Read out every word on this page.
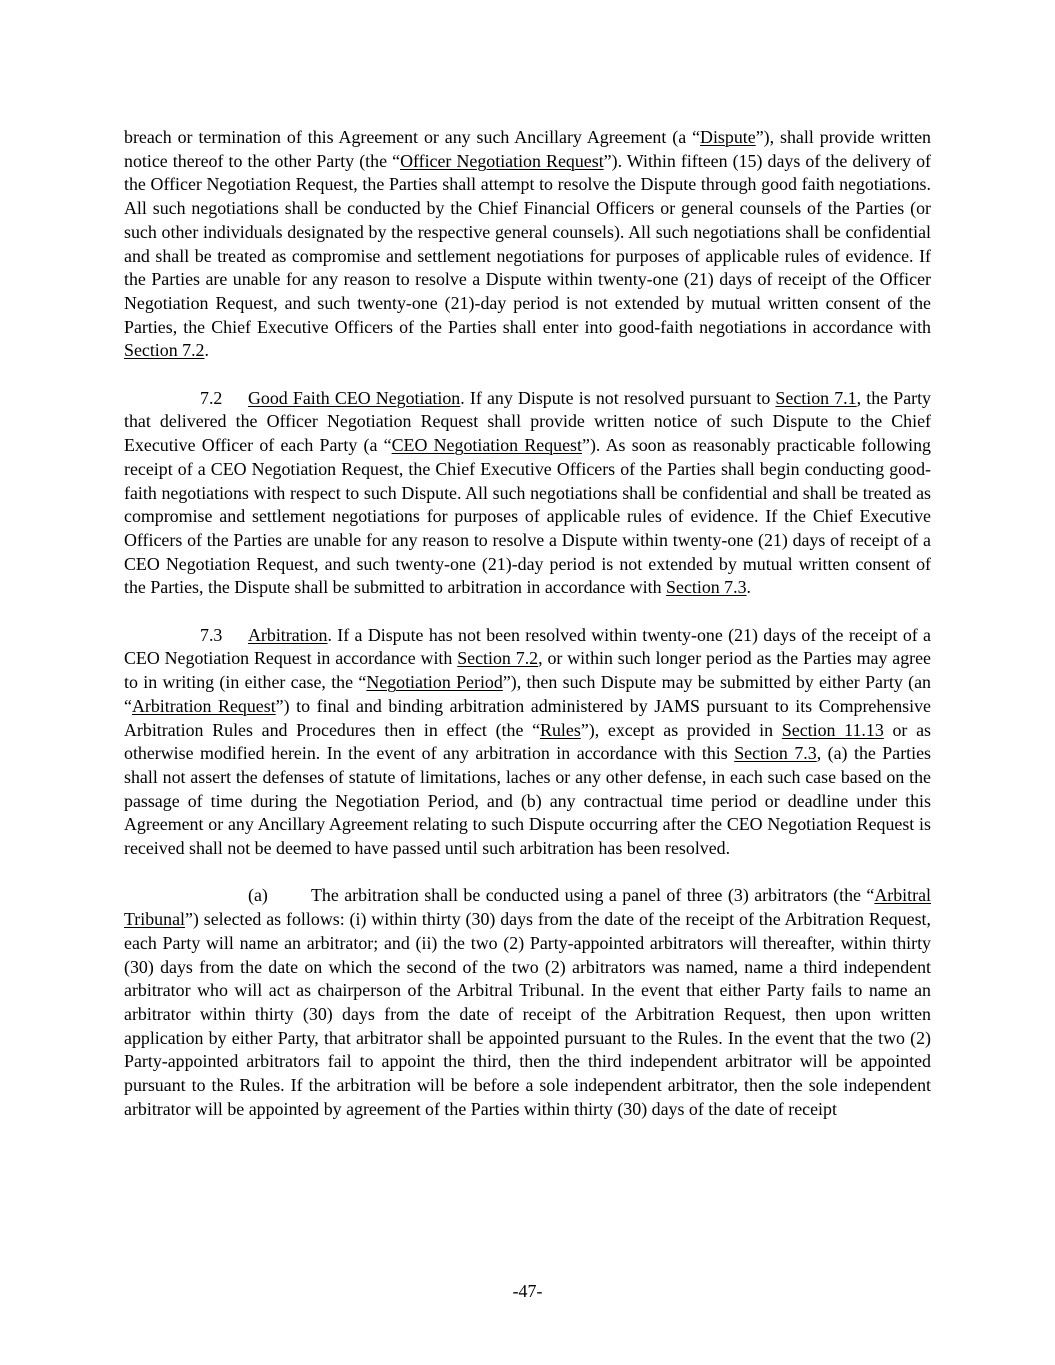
breach or termination of this Agreement or any such Ancillary Agreement (a “Dispute”), shall provide written notice thereof to the other Party (the “Officer Negotiation Request”). Within fifteen (15) days of the delivery of the Officer Negotiation Request, the Parties shall attempt to resolve the Dispute through good faith negotiations. All such negotiations shall be conducted by the Chief Financial Officers or general counsels of the Parties (or such other individuals designated by the respective general counsels). All such negotiations shall be confidential and shall be treated as compromise and settlement negotiations for purposes of applicable rules of evidence. If the Parties are unable for any reason to resolve a Dispute within twenty-one (21) days of receipt of the Officer Negotiation Request, and such twenty-one (21)-day period is not extended by mutual written consent of the Parties, the Chief Executive Officers of the Parties shall enter into good-faith negotiations in accordance with Section 7.2.

7.2 Good Faith CEO Negotiation. If any Dispute is not resolved pursuant to Section 7.1, the Party that delivered the Officer Negotiation Request shall provide written notice of such Dispute to the Chief Executive Officer of each Party (a “CEO Negotiation Request”). As soon as reasonably practicable following receipt of a CEO Negotiation Request, the Chief Executive Officers of the Parties shall begin conducting good-faith negotiations with respect to such Dispute. All such negotiations shall be confidential and shall be treated as compromise and settlement negotiations for purposes of applicable rules of evidence. If the Chief Executive Officers of the Parties are unable for any reason to resolve a Dispute within twenty-one (21) days of receipt of a CEO Negotiation Request, and such twenty-one (21)-day period is not extended by mutual written consent of the Parties, the Dispute shall be submitted to arbitration in accordance with Section 7.3.

7.3 Arbitration. If a Dispute has not been resolved within twenty-one (21) days of the receipt of a CEO Negotiation Request in accordance with Section 7.2, or within such longer period as the Parties may agree to in writing (in either case, the “Negotiation Period”), then such Dispute may be submitted by either Party (an “Arbitration Request”) to final and binding arbitration administered by JAMS pursuant to its Comprehensive Arbitration Rules and Procedures then in effect (the “Rules”), except as provided in Section 11.13 or as otherwise modified herein. In the event of any arbitration in accordance with this Section 7.3, (a) the Parties shall not assert the defenses of statute of limitations, laches or any other defense, in each such case based on the passage of time during the Negotiation Period, and (b) any contractual time period or deadline under this Agreement or any Ancillary Agreement relating to such Dispute occurring after the CEO Negotiation Request is received shall not be deemed to have passed until such arbitration has been resolved.

(a) The arbitration shall be conducted using a panel of three (3) arbitrators (the “Arbitral Tribunal”) selected as follows: (i) within thirty (30) days from the date of the receipt of the Arbitration Request, each Party will name an arbitrator; and (ii) the two (2) Party-appointed arbitrators will thereafter, within thirty (30) days from the date on which the second of the two (2) arbitrators was named, name a third independent arbitrator who will act as chairperson of the Arbitral Tribunal. In the event that either Party fails to name an arbitrator within thirty (30) days from the date of receipt of the Arbitration Request, then upon written application by either Party, that arbitrator shall be appointed pursuant to the Rules. In the event that the two (2) Party-appointed arbitrators fail to appoint the third, then the third independent arbitrator will be appointed pursuant to the Rules. If the arbitration will be before a sole independent arbitrator, then the sole independent arbitrator will be appointed by agreement of the Parties within thirty (30) days of the date of receipt

-47-
